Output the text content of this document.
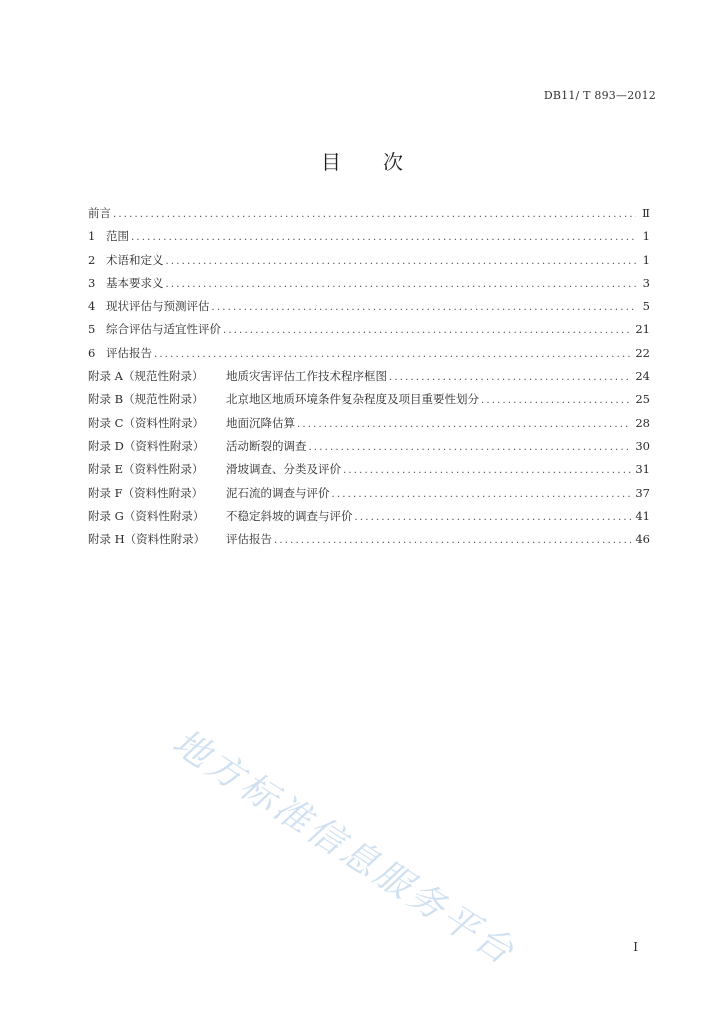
DB11/ T 893—2012
目 次
前言 .....	Ⅱ
1 范围 .....	1
2 术语和定义 .....	1
3 基本要求义 .....	3
4 现状评估与预测评估 .....	5
5 综合评估与适宜性评价 .....	21
6 评估报告 .....	22
附录 A（规范性附录）	地质灾害评估工作技术程序框图 .....	24
附录 B（规范性附录）	北京地区地质环境条件复杂程度及项目重要性划分 .....	25
附录 C（资料性附录）	地面沉降估算 .....	28
附录 D（资料性附录）	活动断裂的调查 .....	30
附录 E（资料性附录）	滑坡调查、分类及评价 .....	31
附录 F（资料性附录）	泥石流的调查与评价 .....	37
附录 G（资料性附录）	不稳定斜坡的调查与评价 .....	41
附录 H（资料性附录）	评估报告 .....	46
地方标准信息服务平台	I
